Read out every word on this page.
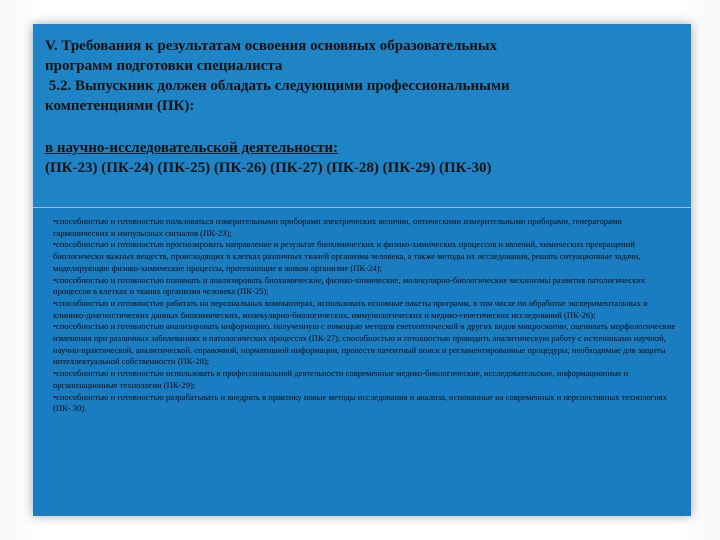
V. Требования к результатам освоения основных образовательных
программ подготовки специалиста
5.2. Выпускник должен обладать следующими профессиональными
компетенциями (ПК):
в научно-исследовательской деятельности:
(ПК-23) (ПК-24) (ПК-25) (ПК-26) (ПК-27) (ПК-28) (ПК-29) (ПК-30)

•способностью и готовностью пользоваться измерительными приборами электрических величин, оптическими измерительными приборами, генераторами гармонических и импульсных сигналов (ПК-23);

•способностью и готовностью прогнозировать направление и результат биохимических и физико-химических процессов и явлений, химических превращений биологически важных веществ, происходящих в клетках различных тканей организма человека, а также методы их исследования, решать ситуационные задачи, моделирующие физико-химические процессы, протекающие в живом организме (ПК-24);

•способностью и готовностью понимать и анализировать биохимические, физико-химические, молекулярно-биологические механизмы развития патологических процессов в клетках и тканях организма человека (ПК-25);

•способностью и готовностью работать на персональных компьютерах, использовать основные пакеты программ, в том числе по обработке экспериментальных и клинико-диагностических данных биохимических, молекулярно-биологических, иммунологических и медико-генетических исследований (ПК-26);

•способностью и готовностью анализировать информацию, полученную с помощью методов светооптической и других видов микроскопии, оценивать морфологические изменения при различных заболеваниях и патологических процессах (ПК-27); способностью и готовностью проводить аналитическую работу с источниками научной, научно-практической, аналитической, справочной, нормативной информации, провести патентный поиск и регламентированные процедуры, необходимые для защиты интеллектуальной собственности (ПК-28);

•способностью и готовностью использовать в профессиональной деятельности современные медико-биологические, исследовательские, информационные и организационные технологии (ПК-29);

•способностью и готовностью разрабатывать и внедрять в практику новые методы исследования и анализа, основанные на современных и перспективных технологиях (ПК- 30).
